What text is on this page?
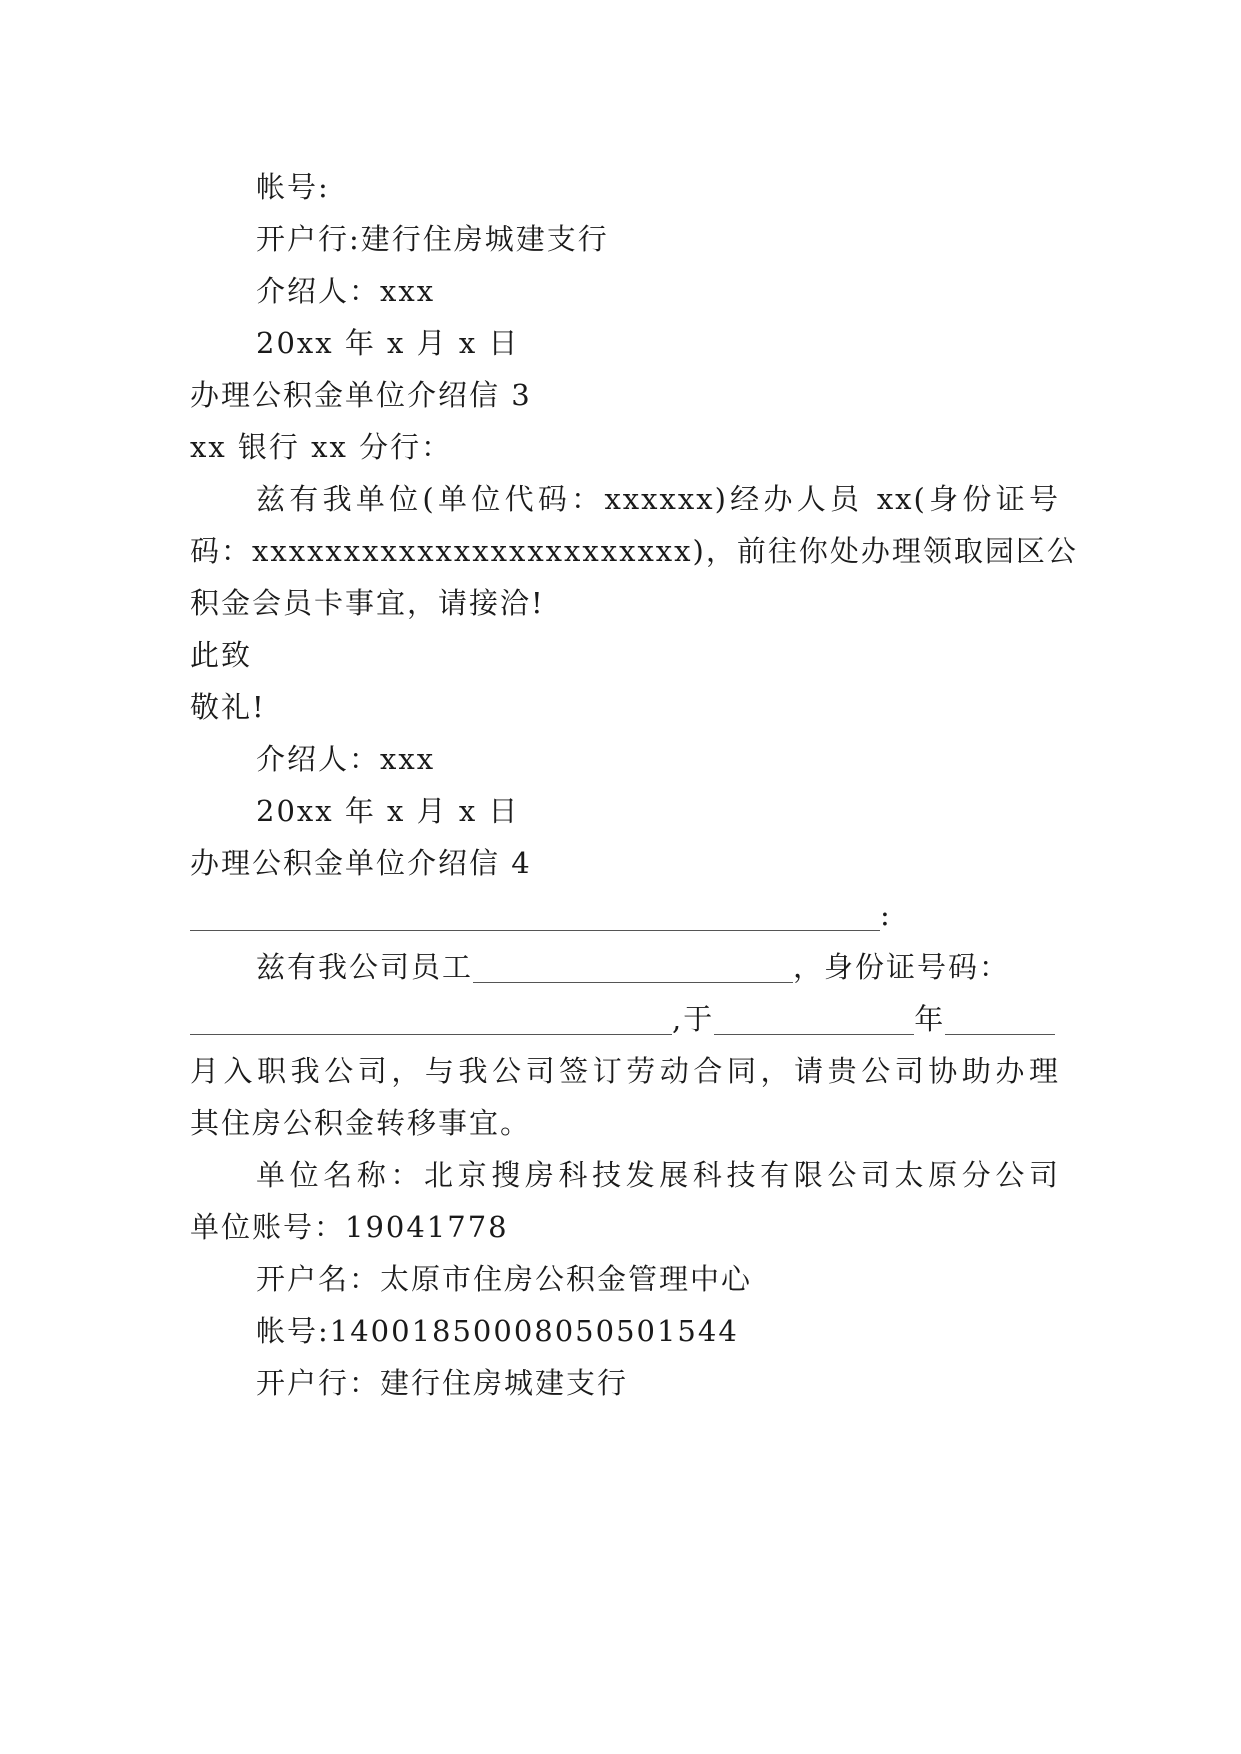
帐号:
开户行:建行住房城建支行
介绍人：xxx
20xx 年 x 月 x 日
办理公积金单位介绍信 3
xx 银行 xx 分行：
兹有我单位(单位代码：xxxxxx)经办人员 xx(身份证号
码：xxxxxxxxxxxxxxxxxxxxxxxx)，前往你处办理领取园区公
积金会员卡事宜，请接洽!
此致
敬礼!
介绍人：xxx
20xx 年 x 月 x 日
办理公积金单位介绍信 4
:
兹有我公司员工	，身份证号码：
,于	年
月入职我公司，与我公司签订劳动合同，请贵公司协助办理
其住房公积金转移事宜。
单位名称：北京搜房科技发展科技有限公司太原分公司
单位账号：19041778
开户名：太原市住房公积金管理中心
帐号:14001850008050501544
开户行：建行住房城建支行
